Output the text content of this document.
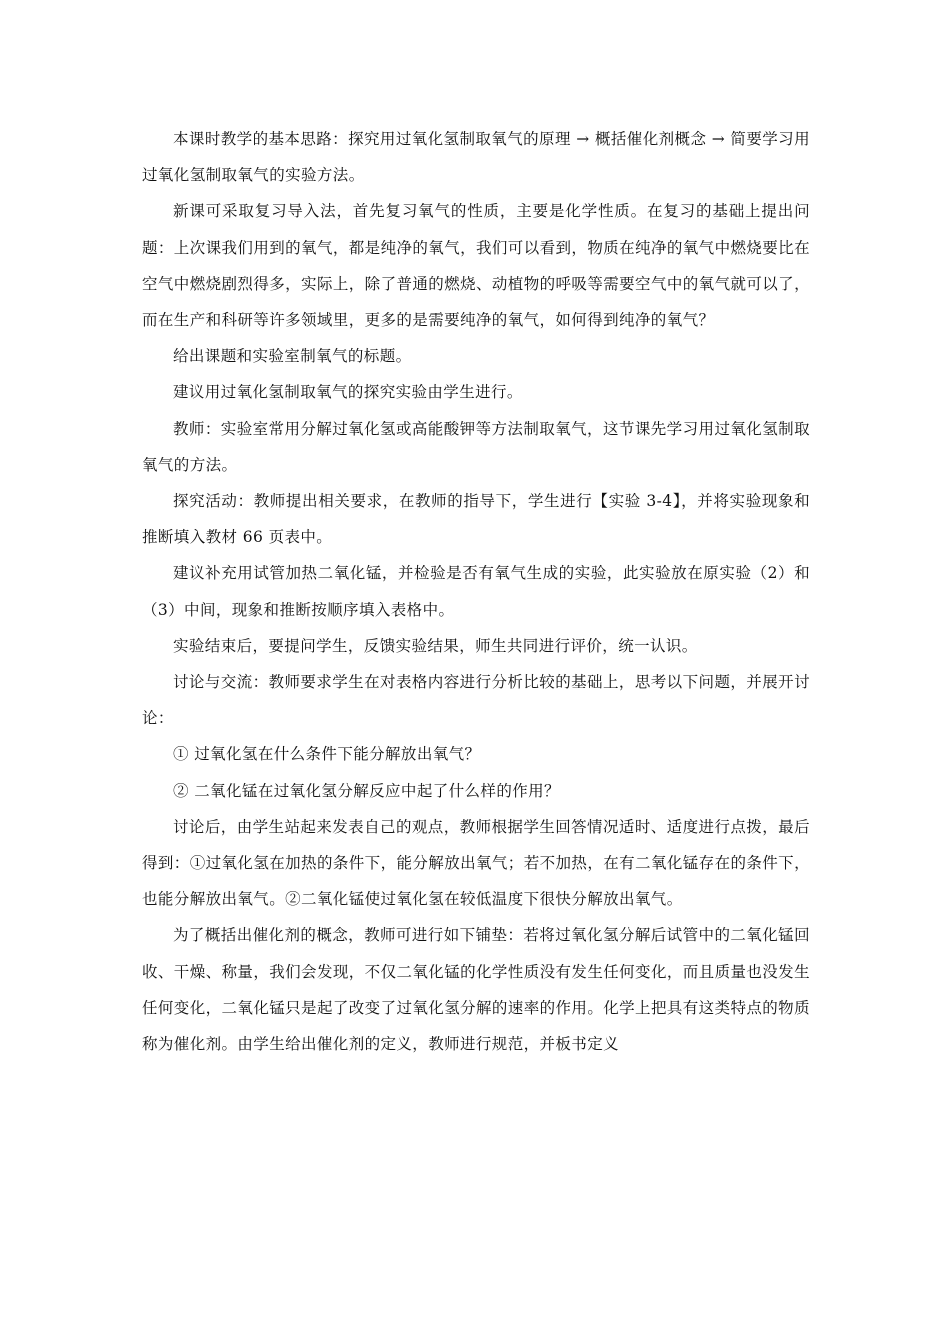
本课时教学的基本思路：探究用过氧化氢制取氧气的原理 → 概括催化剂概念 → 简要学习用过氧化氢制取氧气的实验方法。

新课可采取复习导入法，首先复习氧气的性质，主要是化学性质。在复习的基础上提出问题：上次课我们用到的氧气，都是纯净的氧气，我们可以看到，物质在纯净的氧气中燃烧要比在空气中燃烧剧烈得多，实际上，除了普通的燃烧、动植物的呼吸等需要空气中的氧气就可以了，而在生产和科研等许多领域里，更多的是需要纯净的氧气，如何得到纯净的氧气？

给出课题和实验室制氧气的标题。

建议用过氧化氢制取氧气的探究实验由学生进行。

教师：实验室常用分解过氧化氢或高能酸钾等方法制取氧气，这节课先学习用过氧化氢制取氧气的方法。

探究活动：教师提出相关要求，在教师的指导下，学生进行【实验 3-4】，并将实验现象和推断填入教材 66 页表中。

建议补充用试管加热二氧化锰，并检验是否有氧气生成的实验，此实验放在原实验（2）和（3）中间，现象和推断按顺序填入表格中。

实验结束后，要提问学生，反馈实验结果，师生共同进行评价，统一认识。

讨论与交流：教师要求学生在对表格内容进行分析比较的基础上，思考以下问题，并展开讨论：

① 过氧化氢在什么条件下能分解放出氧气？

② 二氧化锰在过氧化氢分解反应中起了什么样的作用？

讨论后，由学生站起来发表自己的观点，教师根据学生回答情况适时、适度进行点拨，最后得到：①过氧化氢在加热的条件下，能分解放出氧气；若不加热，在有二氧化锰存在的条件下，也能分解放出氧气。②二氧化锰使过氧化氢在较低温度下很快分解放出氧气。

为了概括出催化剂的概念，教师可进行如下铺垫：若将过氧化氢分解后试管中的二氧化锰回收、干燥、称量，我们会发现，不仅二氧化锰的化学性质没有发生任何变化，而且质量也没发生任何变化，二氧化锰只是起了改变了过氧化氢分解的速率的作用。化学上把具有这类特点的物质称为催化剂。由学生给出催化剂的定义，教师进行规范，并板书定义
